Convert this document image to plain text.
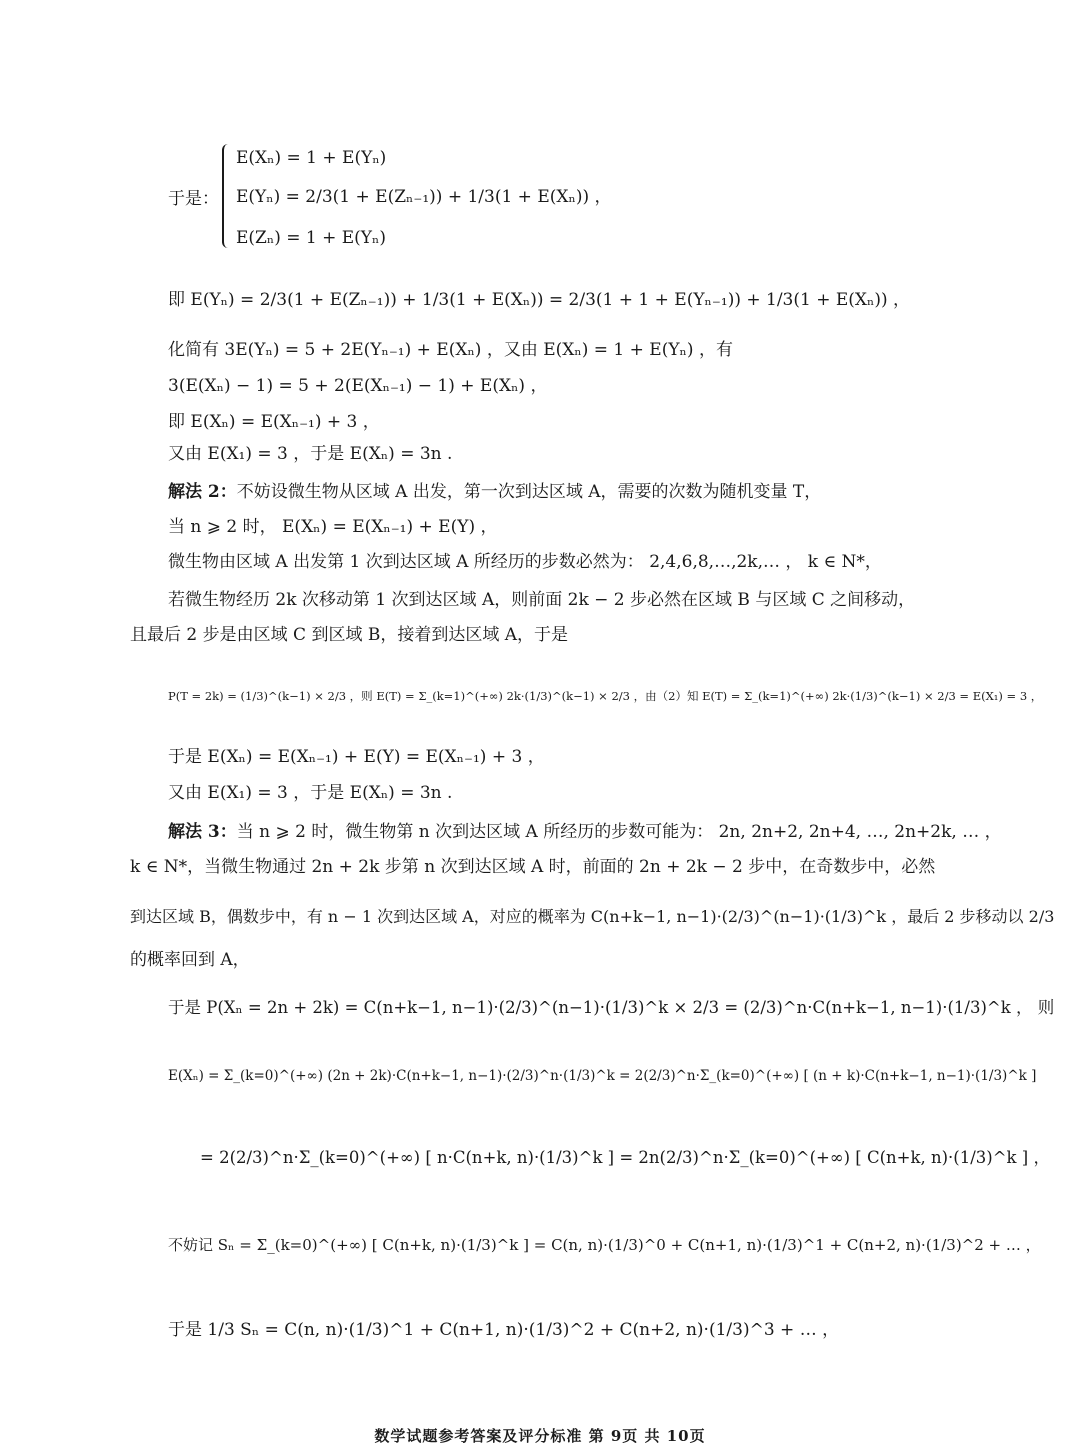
于是：
E(Xₙ) = 1 + E(Yₙ)
E(Yₙ) = 2/3(1 + E(Zₙ₋₁)) + 1/3(1 + E(Xₙ)) ，
E(Zₙ) = 1 + E(Yₙ)
即 E(Yₙ) = 2/3(1 + E(Zₙ₋₁)) + 1/3(1 + E(Xₙ)) = 2/3(1 + 1 + E(Yₙ₋₁)) + 1/3(1 + E(Xₙ)) ，
化简有 3E(Yₙ) = 5 + 2E(Yₙ₋₁) + E(Xₙ) ，又由 E(Xₙ) = 1 + E(Yₙ) ，有
3(E(Xₙ) − 1) = 5 + 2(E(Xₙ₋₁) − 1) + E(Xₙ) ，
即 E(Xₙ) = E(Xₙ₋₁) + 3 ，
又由 E(X₁) = 3 ，于是 E(Xₙ) = 3n .
解法 2：不妨设微生物从区域 A 出发，第一次到达区域 A，需要的次数为随机变量 T，
当 n ⩾ 2 时， E(Xₙ) = E(Xₙ₋₁) + E(Y) ，
微生物由区域 A 出发第 1 次到达区域 A 所经历的步数必然为： 2,4,6,8,…,2k,… ， k ∈ N*，
若微生物经历 2k 次移动第 1 次到达区域 A，则前面 2k − 2 步必然在区域 B 与区域 C 之间移动，
且最后 2 步是由区域 C 到区域 B，接着到达区域 A，于是
P(T = 2k) = (1/3)^(k−1) × 2/3 ，则 E(T) = Σ_(k=1)^(+∞) 2k·(1/3)^(k−1) × 2/3 ，由（2）知 E(T) = Σ_(k=1)^(+∞) 2k·(1/3)^(k−1) × 2/3 = E(X₁) = 3 ，
于是 E(Xₙ) = E(Xₙ₋₁) + E(Y) = E(Xₙ₋₁) + 3 ，
又由 E(X₁) = 3 ，于是 E(Xₙ) = 3n .
解法 3：当 n ⩾ 2 时，微生物第 n 次到达区域 A 所经历的步数可能为： 2n, 2n+2, 2n+4, …, 2n+2k, … ，
k ∈ N*，当微生物通过 2n + 2k 步第 n 次到达区域 A 时，前面的 2n + 2k − 2 步中，在奇数步中，必然
到达区域 B，偶数步中，有 n − 1 次到达区域 A，对应的概率为 C(n+k−1, n−1)·(2/3)^(n−1)·(1/3)^k ，最后 2 步移动以 2/3
的概率回到 A，
于是 P(Xₙ = 2n + 2k) = C(n+k−1, n−1)·(2/3)^(n−1)·(1/3)^k × 2/3 = (2/3)^n·C(n+k−1, n−1)·(1/3)^k ， 则
E(Xₙ) = Σ_(k=0)^(+∞) (2n + 2k)·C(n+k−1, n−1)·(2/3)^n·(1/3)^k = 2(2/3)^n·Σ_(k=0)^(+∞) [ (n + k)·C(n+k−1, n−1)·(1/3)^k ]
= 2(2/3)^n·Σ_(k=0)^(+∞) [ n·C(n+k, n)·(1/3)^k ] = 2n(2/3)^n·Σ_(k=0)^(+∞) [ C(n+k, n)·(1/3)^k ] ，
不妨记 Sₙ = Σ_(k=0)^(+∞) [ C(n+k, n)·(1/3)^k ] = C(n, n)·(1/3)^0 + C(n+1, n)·(1/3)^1 + C(n+2, n)·(1/3)^2 + … ，
于是 1/3 Sₙ = C(n, n)·(1/3)^1 + C(n+1, n)·(1/3)^2 + C(n+2, n)·(1/3)^3 + … ，
数学试题参考答案及评分标准 第 9页 共 10页
